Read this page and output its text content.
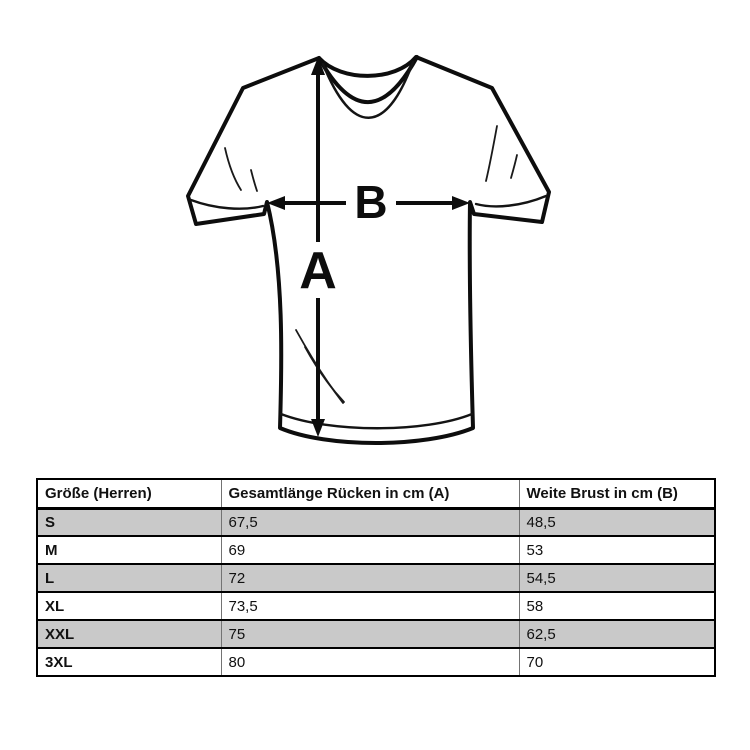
A
B
Größe (Herren)	Gesamtlänge Rücken in cm (A)	Weite Brust in cm (B)
S	67,5	48,5
M	69	53
L	72	54,5
XL	73,5	58
XXL	75	62,5
3XL	80	70
